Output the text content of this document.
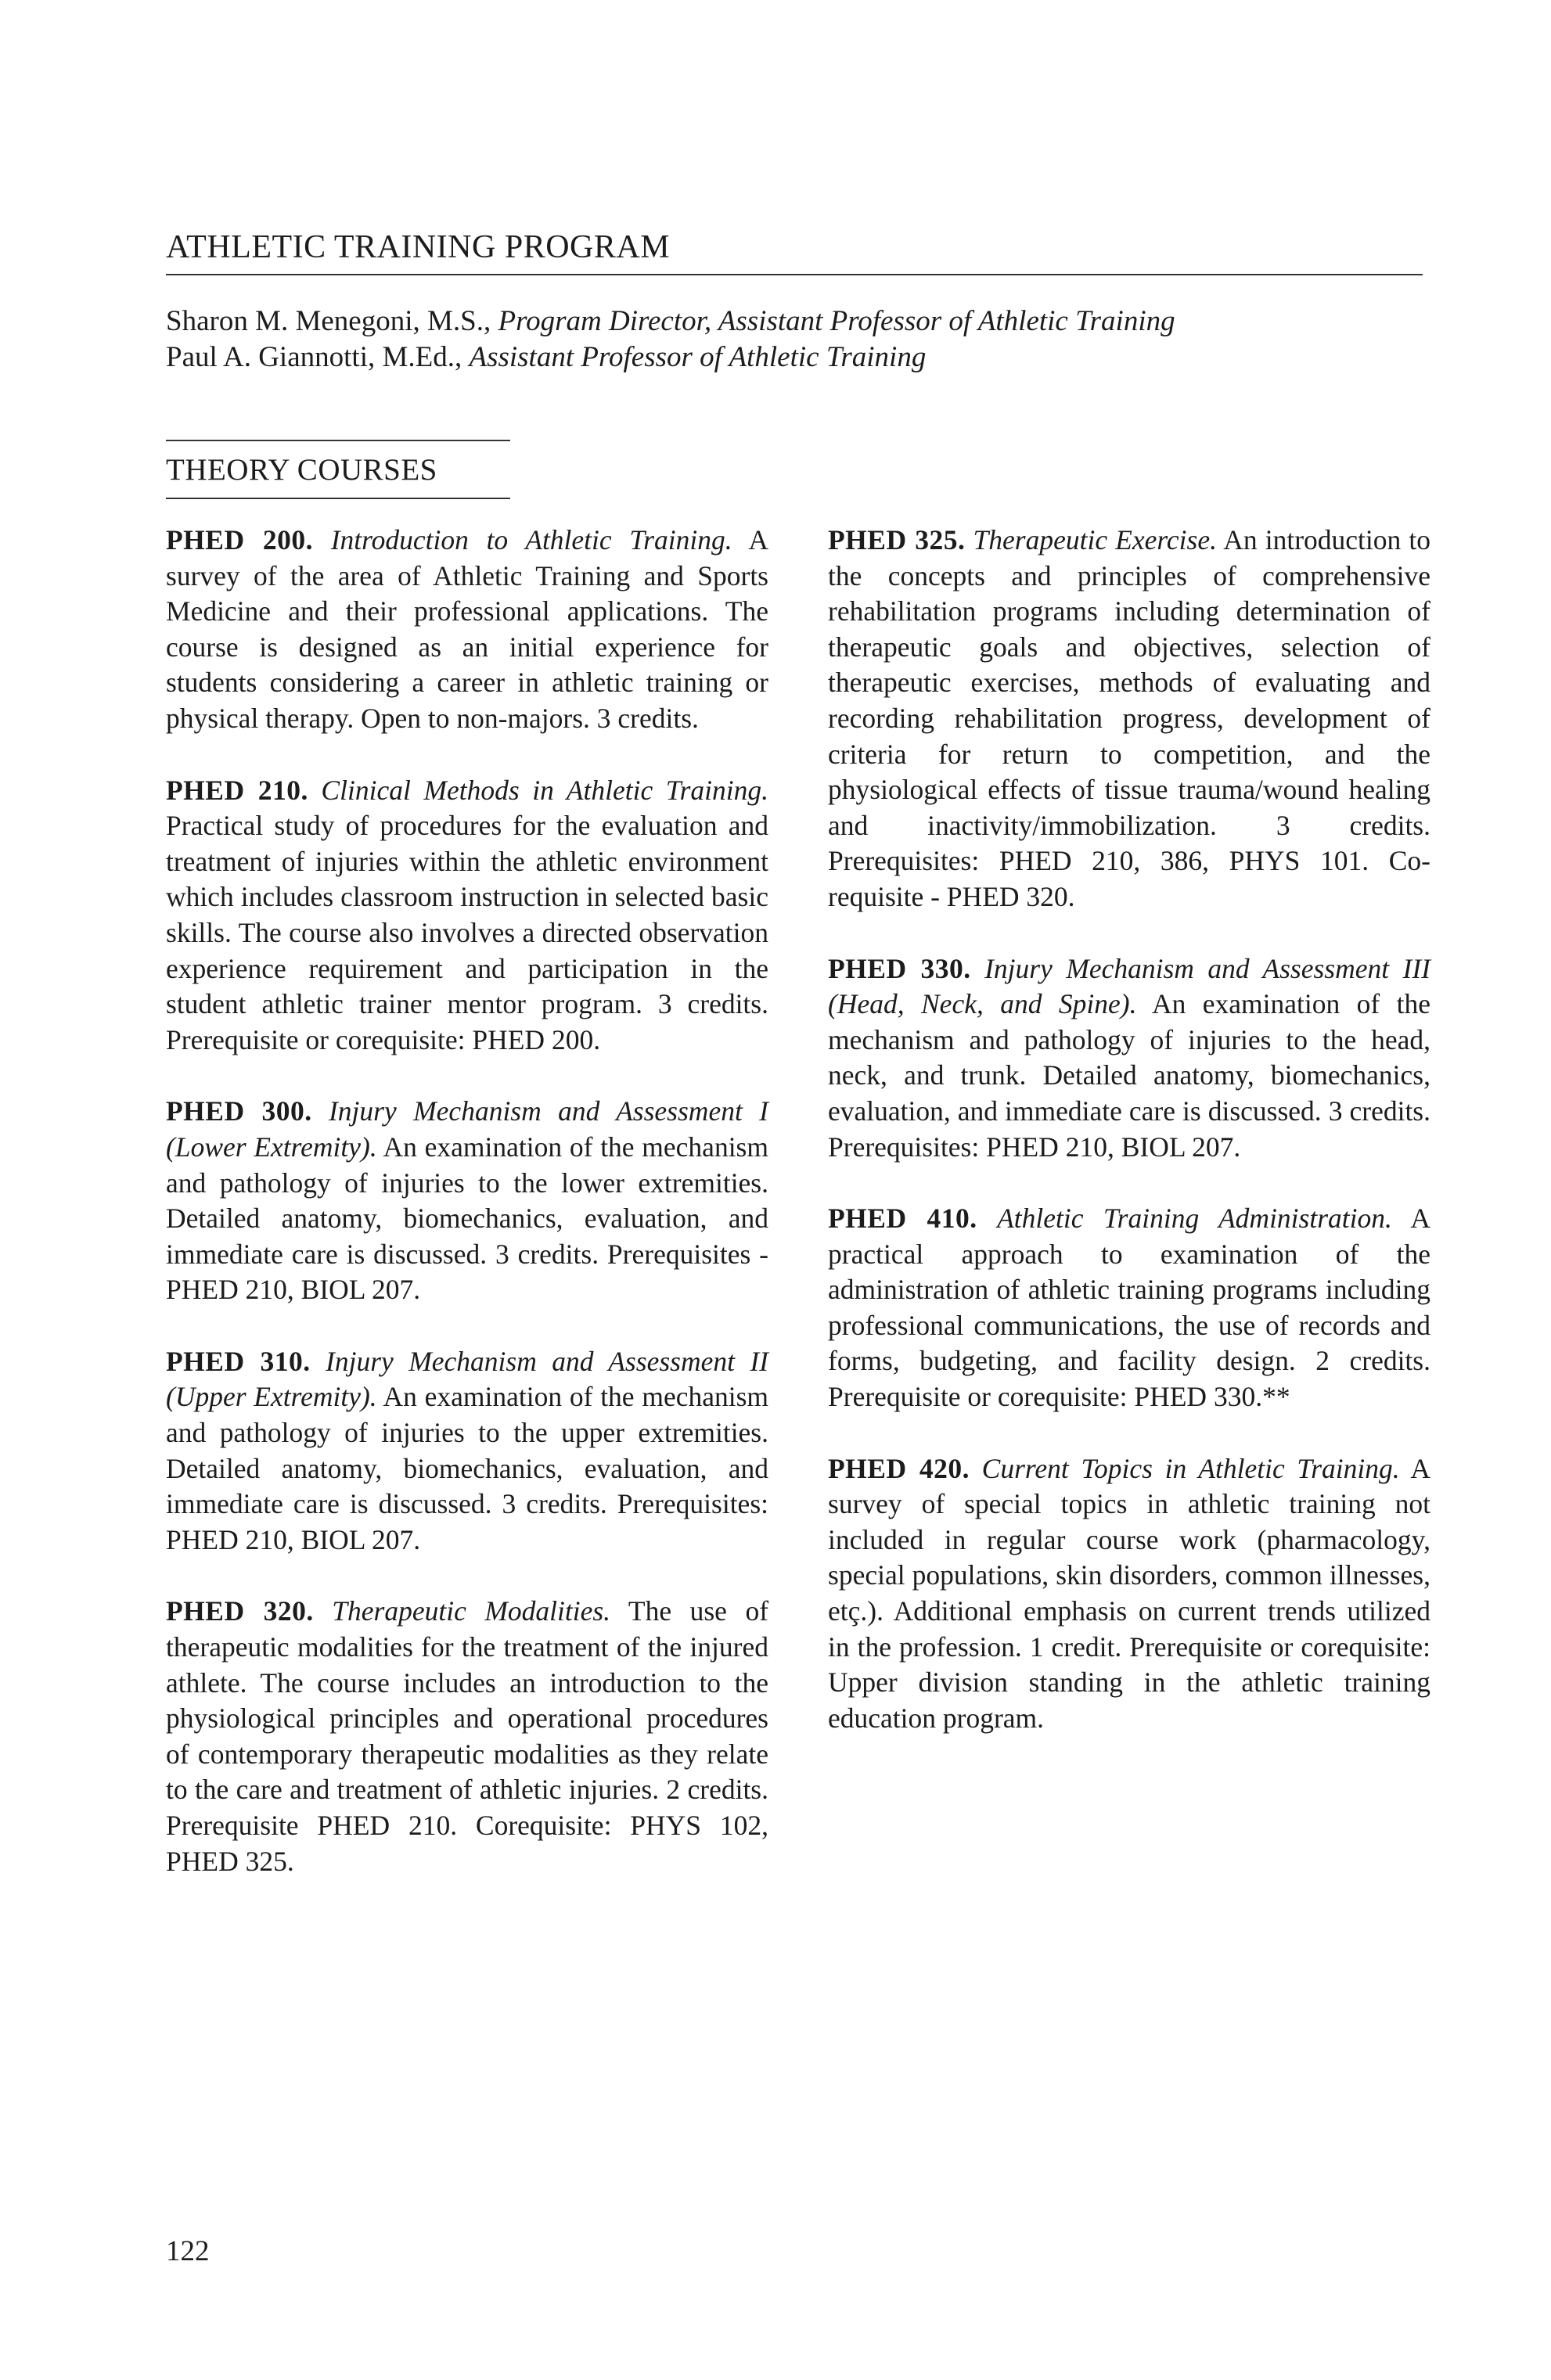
ATHLETIC TRAINING PROGRAM
Sharon M. Menegoni, M.S., Program Director, Assistant Professor of Athletic Training
Paul A. Giannotti, M.Ed., Assistant Professor of Athletic Training
THEORY COURSES

PHED 200. Introduction to Athletic Training. A survey of the area of Athletic Training and Sports Medicine and their professional applications. The course is designed as an initial experience for students considering a career in athletic training or physical therapy. Open to non-majors. 3 credits.

PHED 210. Clinical Methods in Athletic Training. Practical study of procedures for the evaluation and treatment of injuries within the athletic environment which includes classroom instruction in selected basic skills. The course also involves a directed observation experience requirement and participation in the student athletic trainer mentor program. 3 credits. Prerequisite or corequisite: PHED 200.

PHED 300. Injury Mechanism and Assessment I (Lower Extremity). An examination of the mechanism and pathology of injuries to the lower extremities. Detailed anatomy, biomechanics, evaluation, and immediate care is discussed. 3 credits. Prerequisites - PHED 210, BIOL 207.

PHED 310. Injury Mechanism and Assessment II (Upper Extremity). An examination of the mechanism and pathology of injuries to the upper extremities. Detailed anatomy, biomechanics, evaluation, and immediate care is discussed. 3 credits. Prerequisites: PHED 210, BIOL 207.

PHED 320. Therapeutic Modalities. The use of therapeutic modalities for the treatment of the injured athlete. The course includes an introduction to the physiological principles and operational procedures of contemporary therapeutic modalities as they relate to the care and treatment of athletic injuries. 2 credits. Prerequisite PHED 210. Corequisite: PHYS 102, PHED 325.

PHED 325. Therapeutic Exercise. An introduction to the concepts and principles of comprehensive rehabilitation programs including determination of therapeutic goals and objectives, selection of therapeutic exercises, methods of evaluating and recording rehabilitation progress, development of criteria for return to competition, and the physiological effects of tissue trauma/wound healing and inactivity/immobilization. 3 credits. Prerequisites: PHED 210, 386, PHYS 101. Co-requisite - PHED 320.

PHED 330. Injury Mechanism and Assessment III (Head, Neck, and Spine). An examination of the mechanism and pathology of injuries to the head, neck, and trunk. Detailed anatomy, biomechanics, evaluation, and immediate care is discussed. 3 credits. Prerequisites: PHED 210, BIOL 207.

PHED 410. Athletic Training Administration. A practical approach to examination of the administration of athletic training programs including professional communications, the use of records and forms, budgeting, and facility design. 2 credits. Prerequisite or corequisite: PHED 330.**

PHED 420. Current Topics in Athletic Training. A survey of special topics in athletic training not included in regular course work (pharmacology, special populations, skin disorders, common illnesses, etç.). Additional emphasis on current trends utilized in the profession. 1 credit. Prerequisite or corequisite: Upper division standing in the athletic training education program.

122
